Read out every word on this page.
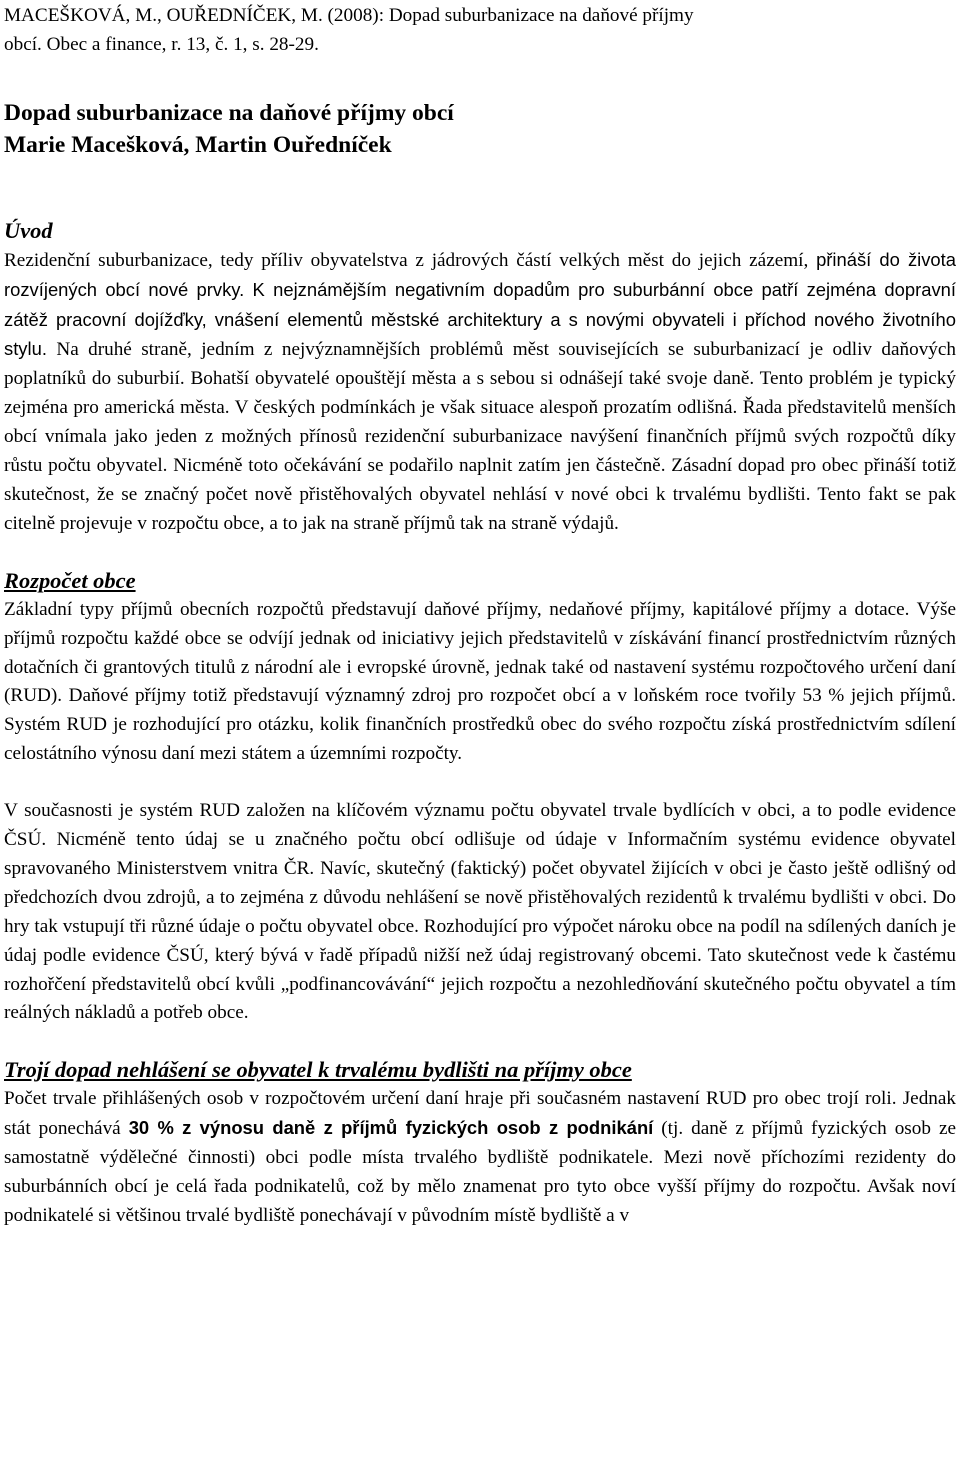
MACEŠKOVÁ, M., OUŘEDNÍČEK, M. (2008): Dopad suburbanizace na daňové příjmy
obcí. Obec a finance, r. 13, č. 1, s. 28-29.

Dopad suburbanizace na daňové příjmy obcí
Marie Macešková, Martin Ouředníček
Úvod

Rezidenční suburbanizace, tedy příliv obyvatelstva z jádrových částí velkých měst do jejich zázemí, přináší do života rozvíjených obcí nové prvky. K nejznámějším negativním dopadům pro suburbánní obce patří zejména dopravní zátěž pracovní dojížďky, vnášení elementů městské architektury a s novými obyvateli i příchod nového životního stylu. Na druhé straně, jedním z nejvýznamnějších problémů měst souvisejících se suburbanizací je odliv daňových poplatníků do suburbií. Bohatší obyvatelé opouštějí města a s sebou si odnášejí také svoje daně. Tento problém je typický zejména pro americká města. V českých podmínkách je však situace alespoň prozatím odlišná. Řada představitelů menších obcí vnímala jako jeden z možných přínosů rezidenční suburbanizace navýšení finančních příjmů svých rozpočtů díky růstu počtu obyvatel. Nicméně toto očekávání se podařilo naplnit zatím jen částečně. Zásadní dopad pro obec přináší totiž skutečnost, že se značný počet nově přistěhovalých obyvatel nehlásí v nové obci k trvalému bydlišti. Tento fakt se pak citelně projevuje v rozpočtu obce, a to jak na straně příjmů tak na straně výdajů.

Rozpočet obce

Základní typy příjmů obecních rozpočtů představují daňové příjmy, nedaňové příjmy, kapitálové příjmy a dotace. Výše příjmů rozpočtu každé obce se odvíjí jednak od iniciativy jejich představitelů v získávání financí prostřednictvím různých dotačních či grantových titulů z národní ale i evropské úrovně, jednak také od nastavení systému rozpočtového určení daní (RUD). Daňové příjmy totiž představují významný zdroj pro rozpočet obcí a v loňském roce tvořily 53 % jejich příjmů. Systém RUD je rozhodující pro otázku, kolik finančních prostředků obec do svého rozpočtu získá prostřednictvím sdílení celostátního výnosu daní mezi státem a územními rozpočty.

V současnosti je systém RUD založen na klíčovém významu počtu obyvatel trvale bydlících v obci, a to podle evidence ČSÚ. Nicméně tento údaj se u značného počtu obcí odlišuje od údaje v Informačním systému evidence obyvatel spravovaného Ministerstvem vnitra ČR. Navíc, skutečný (faktický) počet obyvatel žijících v obci je často ještě odlišný od předchozích dvou zdrojů, a to zejména z důvodu nehlášení se nově přistěhovalých rezidentů k trvalému bydlišti v obci. Do hry tak vstupují tři různé údaje o počtu obyvatel obce. Rozhodující pro výpočet nároku obce na podíl na sdílených daních je údaj podle evidence ČSÚ, který bývá v řadě případů nižší než údaj registrovaný obcemi. Tato skutečnost vede k častému rozhořčení představitelů obcí kvůli „podfinancovávání“ jejich rozpočtu a nezohledňování skutečného počtu obyvatel a tím reálných nákladů a potřeb obce.

Trojí dopad nehlášení se obyvatel k trvalému bydlišti na příjmy obce

Počet trvale přihlášených osob v rozpočtovém určení daní hraje při současném nastavení RUD pro obec trojí roli. Jednak stát ponechává 30 % z výnosu daně z příjmů fyzických osob z podnikání (tj. daně z příjmů fyzických osob ze samostatně výdělečné činnosti) obci podle místa trvalého bydliště podnikatele. Mezi nově příchozími rezidenty do suburbánních obcí je celá řada podnikatelů, což by mělo znamenat pro tyto obce vyšší příjmy do rozpočtu. Avšak noví podnikatelé si většinou trvalé bydliště ponechávají v původním místě bydliště a v
